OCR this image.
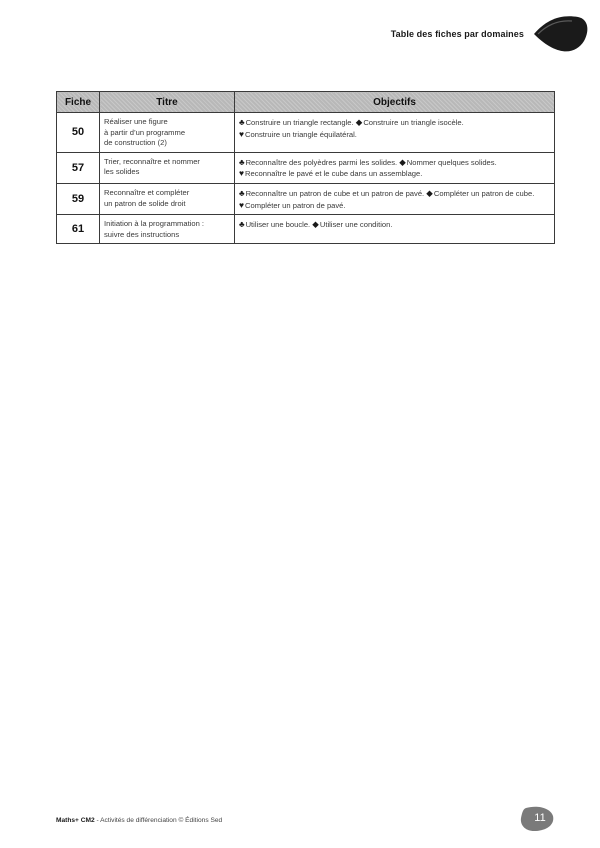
Table des fiches par domaines
Fiche	Titre	Objectifs
50	Réaliser une figure
à partir d’un programme
de construction (2)	♣Construire un triangle rectangle. ◆Construire un triangle isocèle.
♥Construire un triangle équilatéral.

57	Trier, reconnaître et nommer
les solides	♣Reconnaître des polyèdres parmi les solides. ◆Nommer quelques solides.
♥Reconnaître le pavé et le cube dans un assemblage.

59	Reconnaître et compléter
un patron de solide droit	♣Reconnaître un patron de cube et un patron de pavé. ◆Compléter un patron de cube. ♥Compléter un patron de pavé.

61	Initiation à la programmation :
suivre des instructions	♣Utiliser une boucle. ◆Utiliser une condition.
Maths+ CM2 - Activités de différenciation © Éditions Sed	11
